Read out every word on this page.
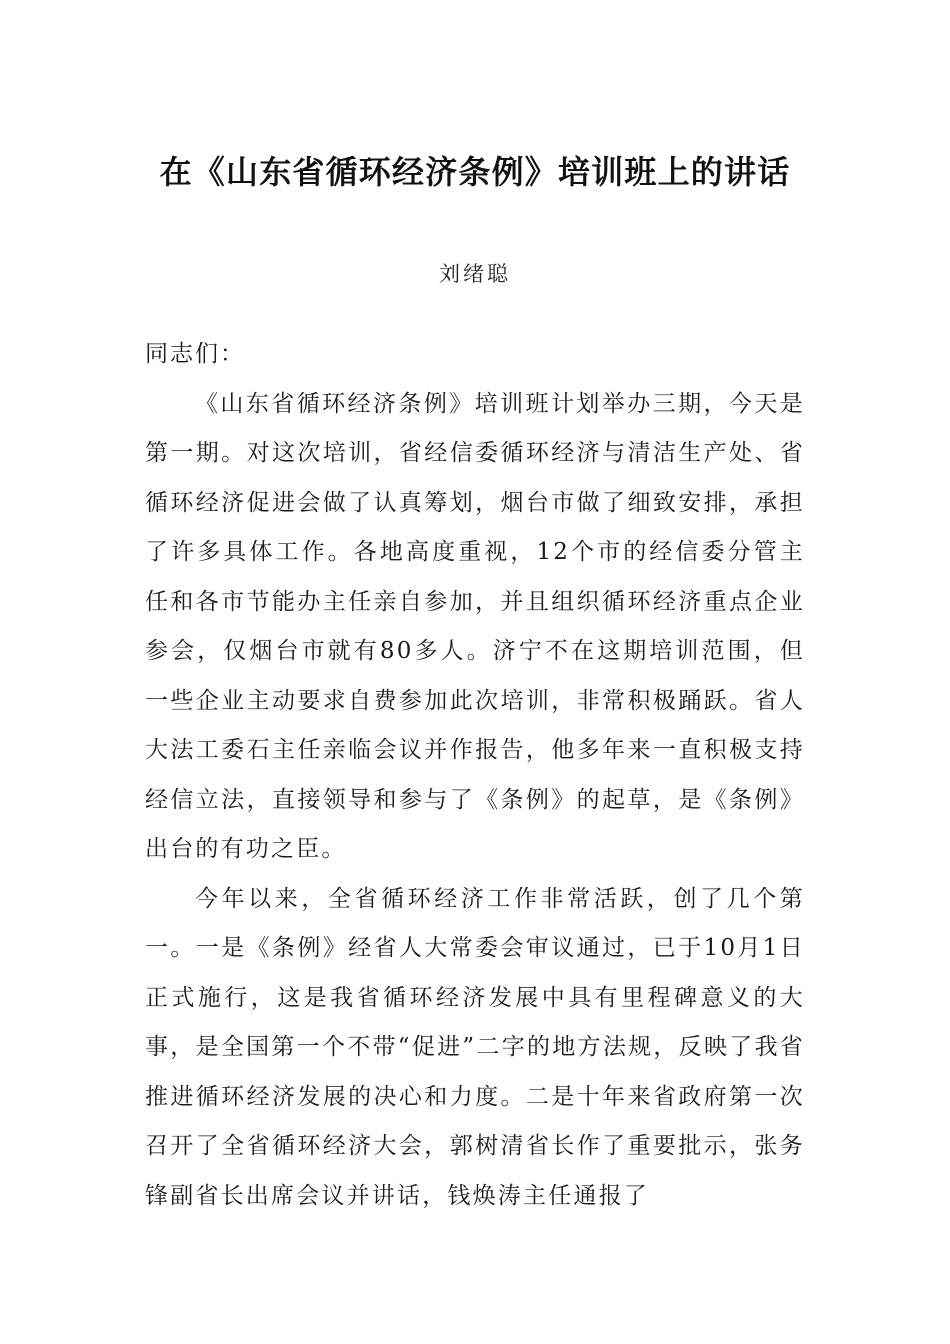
在《山东省循环经济条例》培训班上的讲话
刘绪聪

同志们：

《山东省循环经济条例》培训班计划举办三期，今天是第一期。对这次培训，省经信委循环经济与清洁生产处、省循环经济促进会做了认真筹划，烟台市做了细致安排，承担了许多具体工作。各地高度重视，12个市的经信委分管主任和各市节能办主任亲自参加，并且组织循环经济重点企业参会，仅烟台市就有80多人。济宁不在这期培训范围，但一些企业主动要求自费参加此次培训，非常积极踊跃。省人大法工委石主任亲临会议并作报告，他多年来一直积极支持经信立法，直接领导和参与了《条例》的起草，是《条例》出台的有功之臣。

今年以来，全省循环经济工作非常活跃，创了几个第一。一是《条例》经省人大常委会审议通过，已于10月1日正式施行，这是我省循环经济发展中具有里程碑意义的大事，是全国第一个不带“促进”二字的地方法规，反映了我省推进循环经济发展的决心和力度。二是十年来省政府第一次召开了全省循环经济大会，郭树清省长作了重要批示，张务锋副省长出席会议并讲话，钱焕涛主任通报了
